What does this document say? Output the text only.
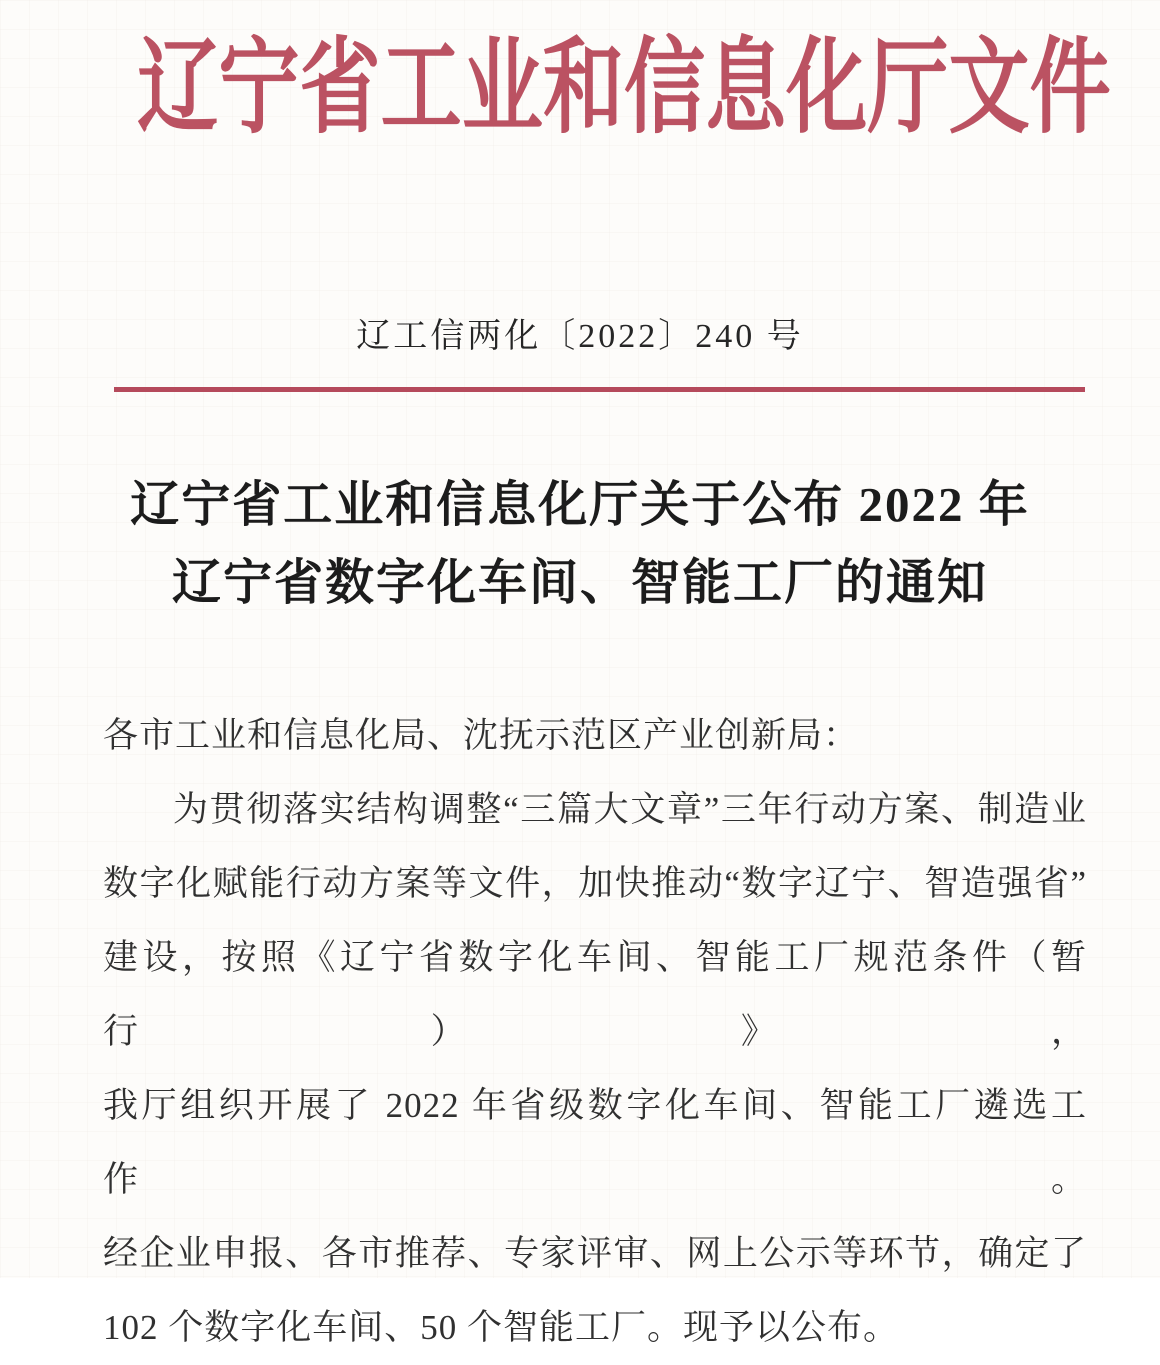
辽宁省工业和信息化厅文件
辽工信两化〔2022〕240 号
辽宁省工业和信息化厅关于公布 2022 年
辽宁省数字化车间、智能工厂的通知
各市工业和信息化局、沈抚示范区产业创新局：
为贯彻落实结构调整“三篇大文章”三年行动方案、制造业
数字化赋能行动方案等文件，加快推动“数字辽宁、智造强省”
建设，按照《辽宁省数字化车间、智能工厂规范条件（暂行）》，
我厅组织开展了 2022 年省级数字化车间、智能工厂遴选工作。
经企业申报、各市推荐、专家评审、网上公示等环节，确定了
102 个数字化车间、50 个智能工厂。现予以公布。
